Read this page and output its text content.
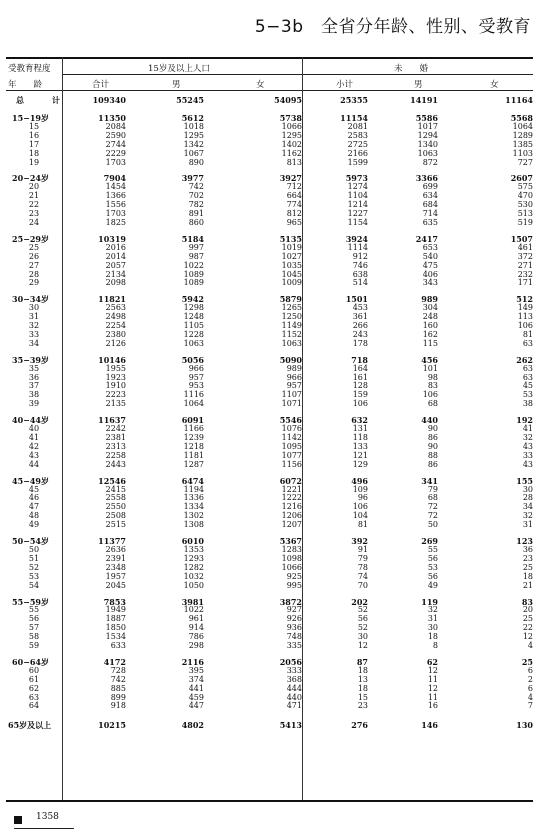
5−3b　全省分年龄、性别、受教育
受教育程度	15岁及以上人口	未　　婚
年　　龄	合计	男	女	小计	男	女
总　计	109340	55245	54095	25355	14191	11164

15−19岁	11350	5612	5738	11154	5586	5568
15	2084	1018	1066	2081	1017	1064
16	2590	1295	1295	2583	1294	1289
17	2744	1342	1402	2725	1340	1385
18	2229	1067	1162	2166	1063	1103
19	1703	890	813	1599	872	727

20−24岁	7904	3977	3927	5973	3366	2607
20	1454	742	712	1274	699	575
21	1366	702	664	1104	634	470
22	1556	782	774	1214	684	530
23	1703	891	812	1227	714	513
24	1825	860	965	1154	635	519

25−29岁	10319	5184	5135	3924	2417	1507
25	2016	997	1019	1114	653	461
26	2014	987	1027	912	540	372
27	2057	1022	1035	746	475	271
28	2134	1089	1045	638	406	232
29	2098	1089	1009	514	343	171

30−34岁	11821	5942	5879	1501	989	512
30	2563	1298	1265	453	304	149
31	2498	1248	1250	361	248	113
32	2254	1105	1149	266	160	106
33	2380	1228	1152	243	162	81
34	2126	1063	1063	178	115	63

35−39岁	10146	5056	5090	718	456	262
35	1955	966	989	164	101	63
36	1923	957	966	161	98	63
37	1910	953	957	128	83	45
38	2223	1116	1107	159	106	53
39	2135	1064	1071	106	68	38

40−44岁	11637	6091	5546	632	440	192
40	2242	1166	1076	131	90	41
41	2381	1239	1142	118	86	32
42	2313	1218	1095	133	90	43
43	2258	1181	1077	121	88	33
44	2443	1287	1156	129	86	43

45−49岁	12546	6474	6072	496	341	155
45	2415	1194	1221	109	79	30
46	2558	1336	1222	96	68	28
47	2550	1334	1216	106	72	34
48	2508	1302	1206	104	72	32
49	2515	1308	1207	81	50	31

50−54岁	11377	6010	5367	392	269	123
50	2636	1353	1283	91	55	36
51	2391	1293	1098	79	56	23
52	2348	1282	1066	78	53	25
53	1957	1032	925	74	56	18
54	2045	1050	995	70	49	21

55−59岁	7853	3981	3872	202	119	83
55	1949	1022	927	52	32	20
56	1887	961	926	56	31	25
57	1850	914	936	52	30	22
58	1534	786	748	30	18	12
59	633	298	335	12	8	4

60−64岁	4172	2116	2056	87	62	25
60	728	395	333	18	12	6
61	742	374	368	13	11	2
62	885	441	444	18	12	6
63	899	459	440	15	11	4
64	918	447	471	23	16	7

65岁及以上	10215	4802	5413	276	146	130
1358
